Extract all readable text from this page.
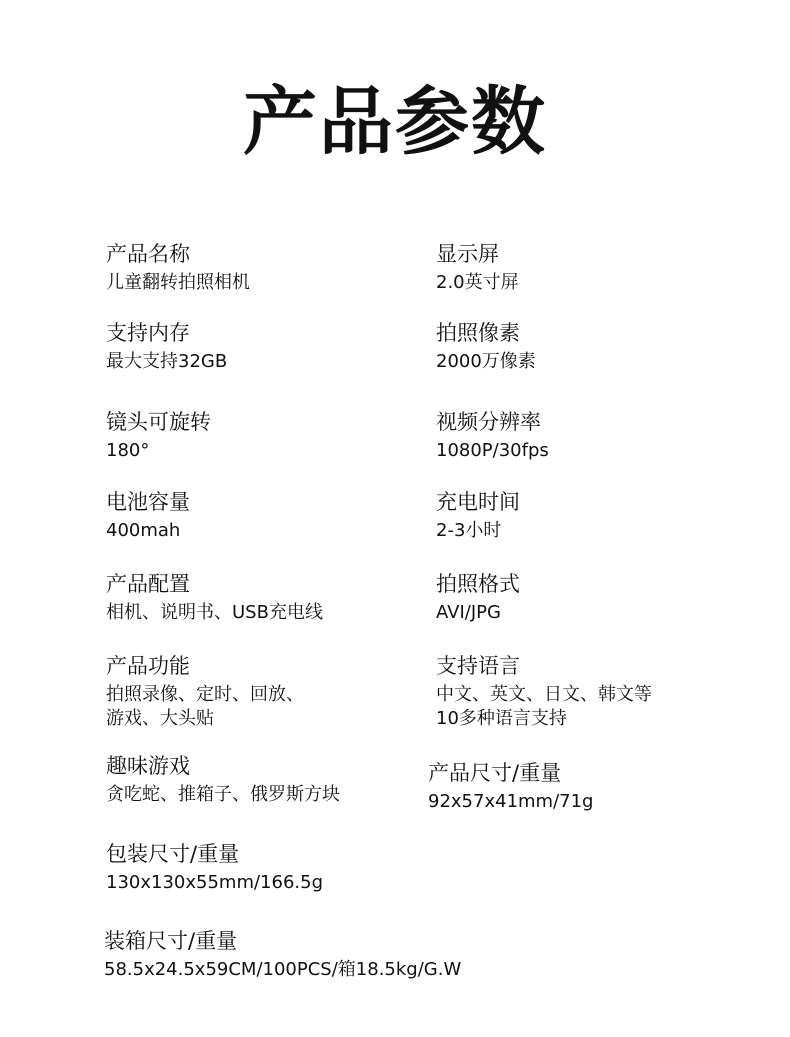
产品参数
产品名称
儿童翻转拍照相机
显示屏
2.0英寸屏
支持内存
最大支持32GB
拍照像素
2000万像素
镜头可旋转
180°
视频分辨率
1080P/30fps
电池容量
400mah
充电时间
2-3小时
产品配置
相机、说明书、USB充电线
拍照格式
AVI/JPG
产品功能
拍照录像、定时、回放、
游戏、大头贴
支持语言
中文、英文、日文、韩文等
10多种语言支持
趣味游戏
贪吃蛇、推箱子、俄罗斯方块
产品尺寸/重量
92x57x41mm/71g
包装尺寸/重量
130x130x55mm/166.5g
装箱尺寸/重量
58.5x24.5x59CM/100PCS/箱18.5kg/G.W
